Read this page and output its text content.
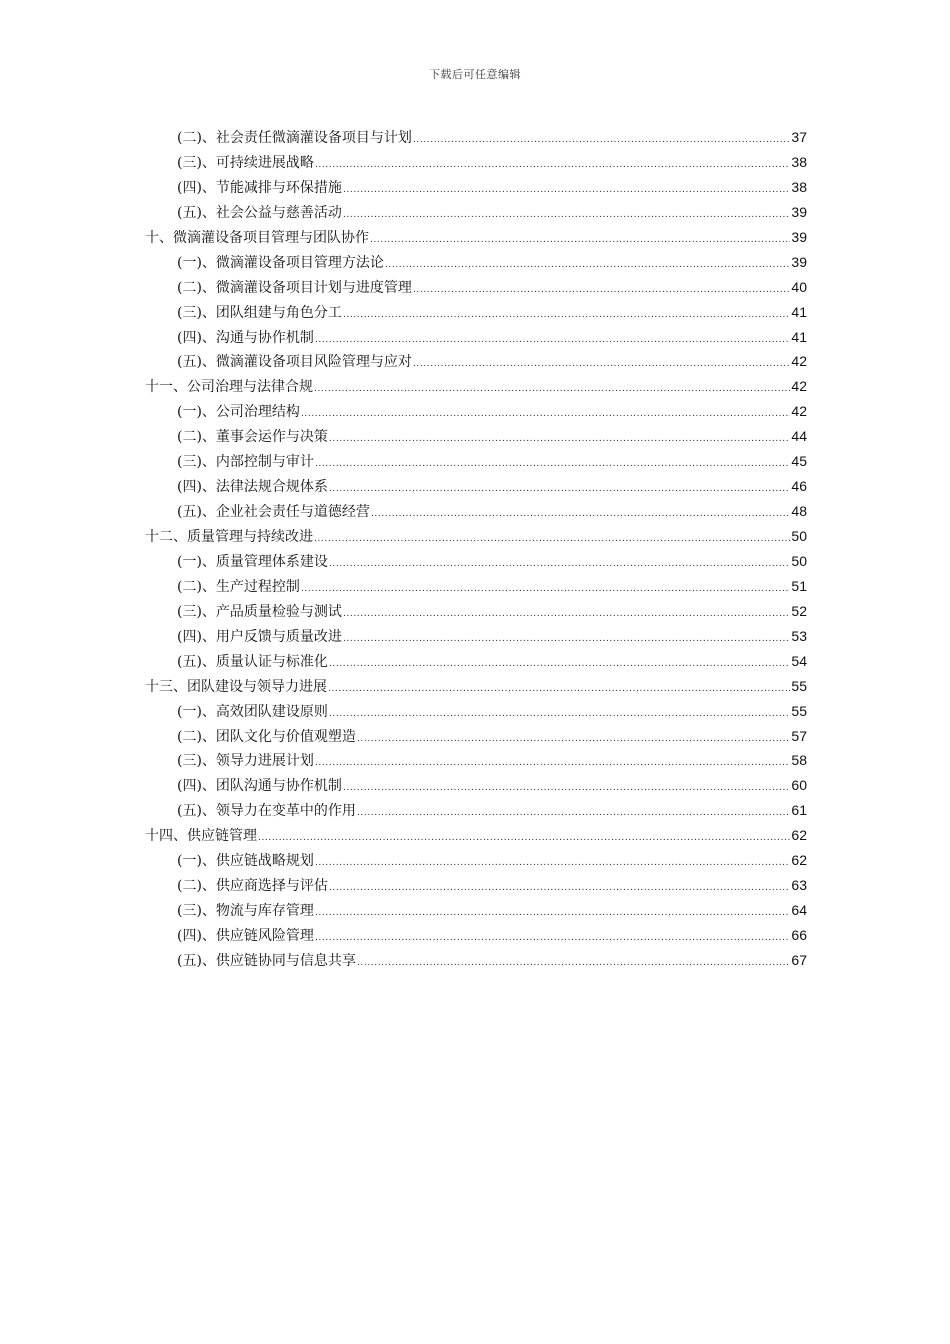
下载后可任意编辑
(二)、社会责任微滴灌设备项目与计划 .....	37
(三)、可持续进展战略 .....	38
(四)、节能减排与环保措施 .....	38
(五)、社会公益与慈善活动 .....	39
十、微滴灌设备项目管理与团队协作 .....	39
(一)、微滴灌设备项目管理方法论 .....	39
(二)、微滴灌设备项目计划与进度管理 .....	40
(三)、团队组建与角色分工 .....	41
(四)、沟通与协作机制 .....	41
(五)、微滴灌设备项目风险管理与应对 .....	42
十一、公司治理与法律合规 .....	42
(一)、公司治理结构 .....	42
(二)、董事会运作与决策 .....	44
(三)、内部控制与审计 .....	45
(四)、法律法规合规体系 .....	46
(五)、企业社会责任与道德经营 .....	48
十二、质量管理与持续改进 .....	50
(一)、质量管理体系建设 .....	50
(二)、生产过程控制 .....	51
(三)、产品质量检验与测试 .....	52
(四)、用户反馈与质量改进 .....	53
(五)、质量认证与标准化 .....	54
十三、团队建设与领导力进展 .....	55
(一)、高效团队建设原则 .....	55
(二)、团队文化与价值观塑造 .....	57
(三)、领导力进展计划 .....	58
(四)、团队沟通与协作机制 .....	60
(五)、领导力在变革中的作用 .....	61
十四、供应链管理 .....	62
(一)、供应链战略规划 .....	62
(二)、供应商选择与评估 .....	63
(三)、物流与库存管理 .....	64
(四)、供应链风险管理 .....	66
(五)、供应链协同与信息共享 .....	67
